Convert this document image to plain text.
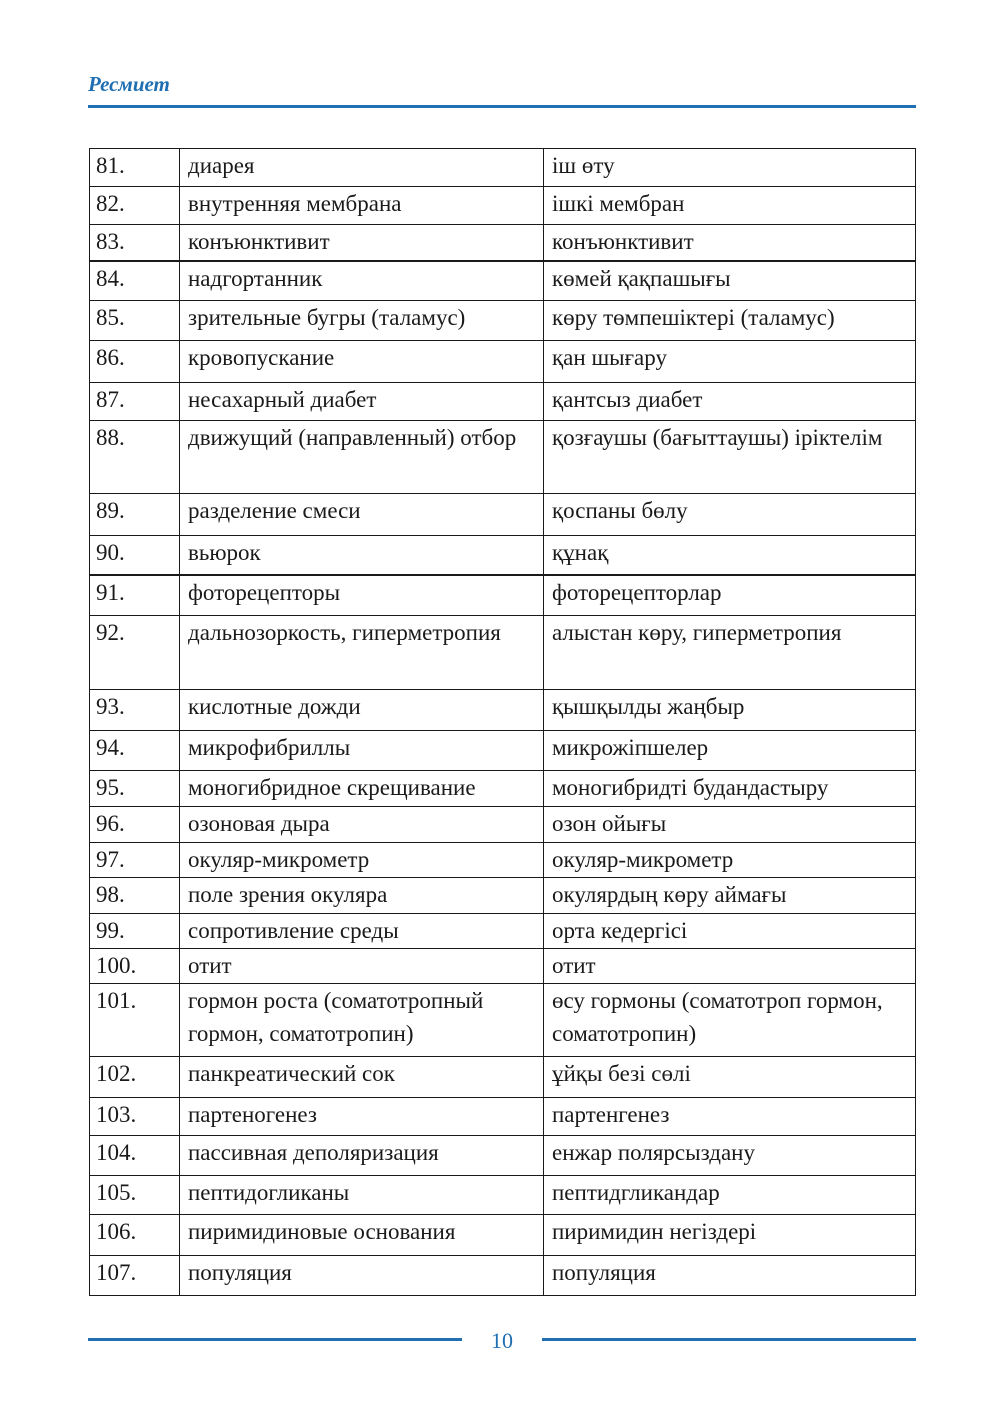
Ресмиет
81.	диарея	іш өту
82.	внутренняя мембрана	ішкі мембран
83.	конъюнктивит	конъюнктивит
84.	надгортанник	көмей қақпашығы
85.	зрительные бугры (таламус)	көру төмпешіктері (таламус)
86.	кровопускание	қан шығару
87.	несахарный диабет	қантсыз диабет
88.	движущий (направленный) отбор	қозғаушы (бағыттаушы) іріктелім
89.	разделение смеси	қоспаны бөлу
90.	вьюрок	құнақ
91.	фоторецепторы	фоторецепторлар
92.	дальнозоркость, гиперметропия	алыстан көру, гиперметропия
93.	кислотные дожди	қышқылды жаңбыр
94.	микрофибриллы	микрожіпшелер
95.	моногибридное скрещивание	моногибридті будандастыру
96.	озоновая дыра	озон ойығы
97.	окуляр-микрометр	окуляр-микрометр
98.	поле зрения окуляра	окулярдың көру аймағы
99.	сопротивление среды	орта кедергісі
100.	отит	отит
101.	гормон роста (соматотропный гормон, соматотропин)	өсу гормоны (соматотроп гормон, соматотропин)
102.	панкреатический сок	ұйқы безі сөлі
103.	партеногенез	партенгенез
104.	пассивная деполяризация	енжар полярсыздану
105.	пептидогликаны	пептидгликандар
106.	пиримидиновые основания	пиримидин негіздері
107.	популяция	популяция
10
